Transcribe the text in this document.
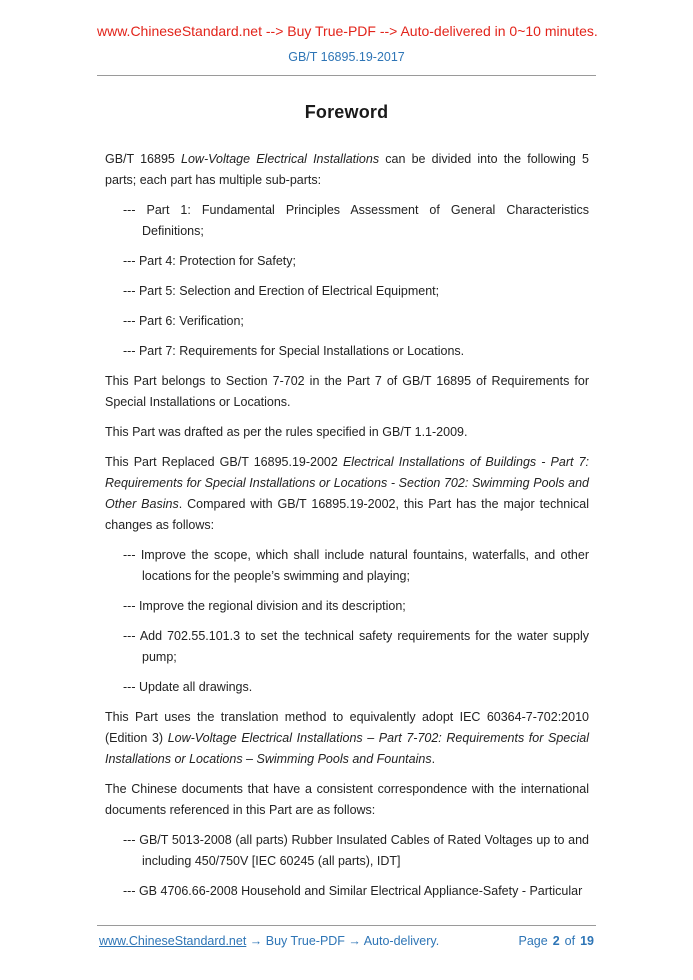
www.ChineseStandard.net --> Buy True-PDF --> Auto-delivered in 0~10 minutes.
GB/T 16895.19-2017
Foreword
GB/T 16895 Low-Voltage Electrical Installations can be divided into the following 5 parts; each part has multiple sub-parts:
--- Part 1: Fundamental Principles Assessment of General Characteristics Definitions;
--- Part 4: Protection for Safety;
--- Part 5: Selection and Erection of Electrical Equipment;
--- Part 6: Verification;
--- Part 7: Requirements for Special Installations or Locations.
This Part belongs to Section 7-702 in the Part 7 of GB/T 16895 of Requirements for Special Installations or Locations.
This Part was drafted as per the rules specified in GB/T 1.1-2009.
This Part Replaced GB/T 16895.19-2002 Electrical Installations of Buildings - Part 7: Requirements for Special Installations or Locations - Section 702: Swimming Pools and Other Basins. Compared with GB/T 16895.19-2002, this Part has the major technical changes as follows:
--- Improve the scope, which shall include natural fountains, waterfalls, and other locations for the people’s swimming and playing;
--- Improve the regional division and its description;
--- Add 702.55.101.3 to set the technical safety requirements for the water supply pump;
--- Update all drawings.
This Part uses the translation method to equivalently adopt IEC 60364-7-702:2010 (Edition 3) Low-Voltage Electrical Installations – Part 7-702: Requirements for Special Installations or Locations – Swimming Pools and Fountains.
The Chinese documents that have a consistent correspondence with the international documents referenced in this Part are as follows:
--- GB/T 5013-2008 (all parts) Rubber Insulated Cables of Rated Voltages up to and including 450/750V [IEC 60245 (all parts), IDT]
--- GB 4706.66-2008 Household and Similar Electrical Appliance-Safety - Particular
www.ChineseStandard.net → Buy True-PDF → Auto-delivery.	Page 2 of 19
